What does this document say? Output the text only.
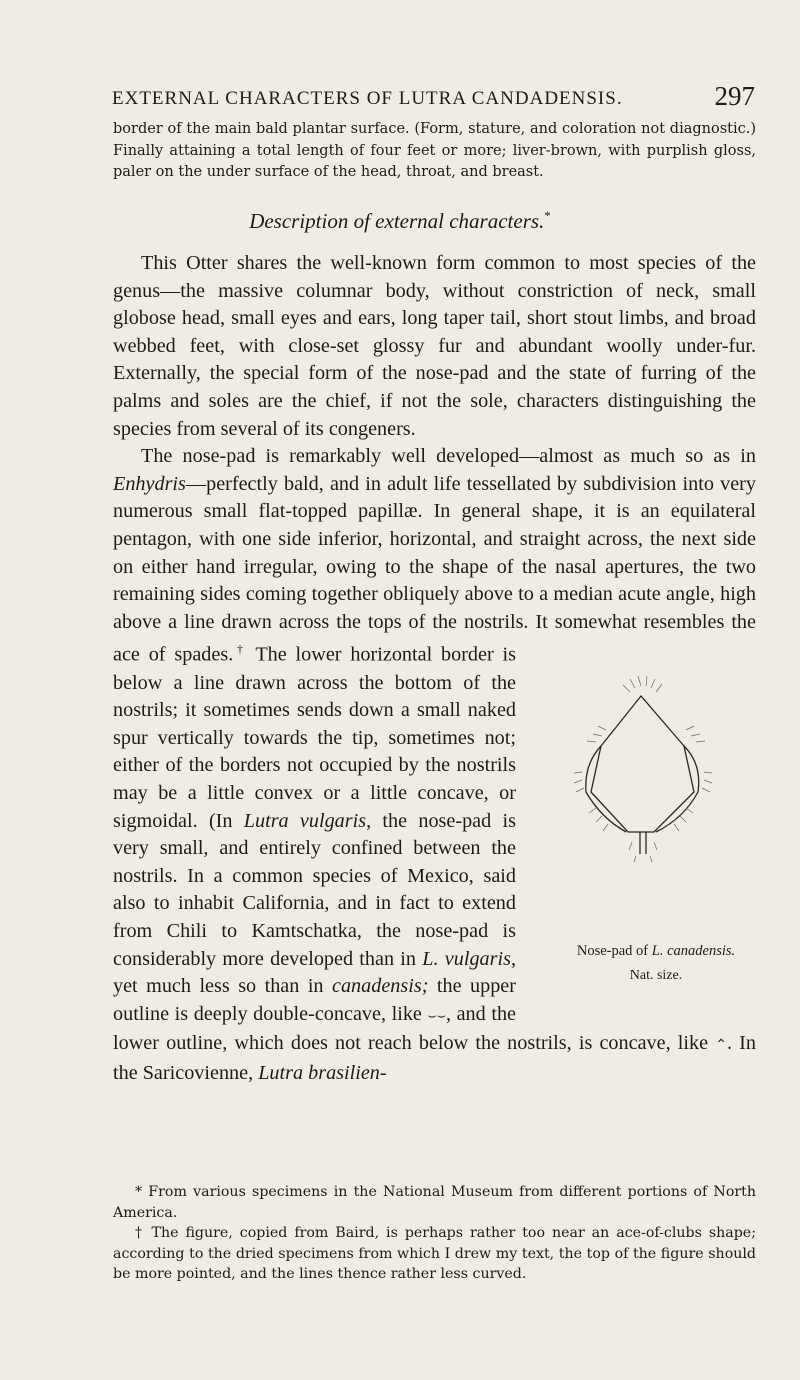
EXTERNAL CHARACTERS OF LUTRA CANDADENSIS.	297
border of the main bald plantar surface. (Form, stature, and coloration not diagnostic.) Finally attaining a total length of four feet or more; liver-brown, with purplish gloss, paler on the under surface of the head, throat, and breast.
Description of external characters.*

This Otter shares the well-known form common to most species of the genus—the massive columnar body, without constriction of neck, small globose head, small eyes and ears, long taper tail, short stout limbs, and broad webbed feet, with close-set glossy fur and abundant woolly under-fur. Externally, the special form of the nose-pad and the state of furring of the palms and soles are the chief, if not the sole, characters distinguishing the species from several of its congeners.

The nose-pad is remarkably well developed—almost as much so as in Enhydris—perfectly bald, and in adult life tessellated by subdivision into very numerous small flat-topped papillæ. In general shape, it is an equilateral pentagon, with one side inferior, horizontal, and straight across, the next side on either hand irregular, owing to the shape of the nasal apertures, the two remaining sides coming together obliquely above to a median acute angle, high above a line drawn across the tops of the nostrils. It somewhat resembles the ace of spades.
Nose-pad of L. canadensis.
Nat. size.
† The lower horizontal border is below a line drawn across the bottom of the nostrils; it sometimes sends down a small naked spur vertically towards the tip, sometimes not; either of the borders not occupied by the nostrils may be a little convex or a little concave, or sigmoidal. (In Lutra vulgaris, the nose-pad is very small, and entirely confined between the nostrils. In a common species of Mexico, said also to inhabit California, and in fact to extend from Chili to Kamtschatka, the nose-pad is considerably more developed than in L. vulgaris, yet much less so than in canadensis; the upper outline is deeply double-concave, like ⌣⌣, and the lower outline, which does not reach below the nostrils, is concave, like ⌃. In the Saricovienne, Lutra brasilien-

* From various specimens in the National Museum from different portions of North America.

† The figure, copied from Baird, is perhaps rather too near an ace-of-clubs shape; according to the dried specimens from which I drew my text, the top of the figure should be more pointed, and the lines thence rather less curved.
